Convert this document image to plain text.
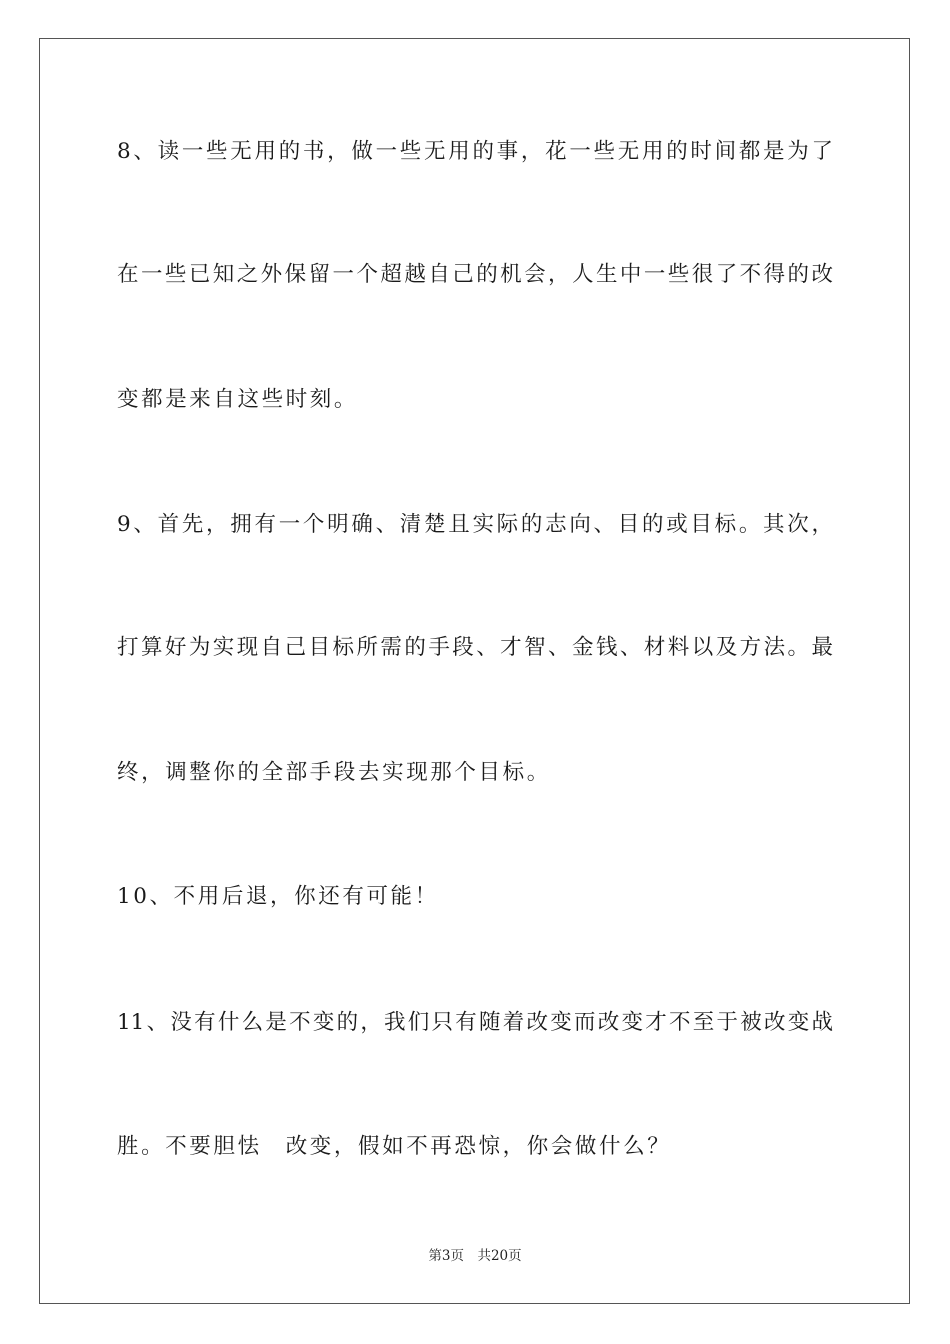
8、读一些无用的书，做一些无用的事，花一些无用的时间都是为了
在一些已知之外保留一个超越自己的机会，人生中一些很了不得的改
变都是来自这些时刻。
9、首先，拥有一个明确、清楚且实际的志向、目的或目标。其次，
打算好为实现自己目标所需的手段、才智、金钱、材料以及方法。最
终，调整你的全部手段去实现那个目标。
10、不用后退，你还有可能！
11、没有什么是不变的，我们只有随着改变而改变才不至于被改变战
胜。不要胆怯　改变，假如不再恐惊，你会做什么？
第3页　共20页
